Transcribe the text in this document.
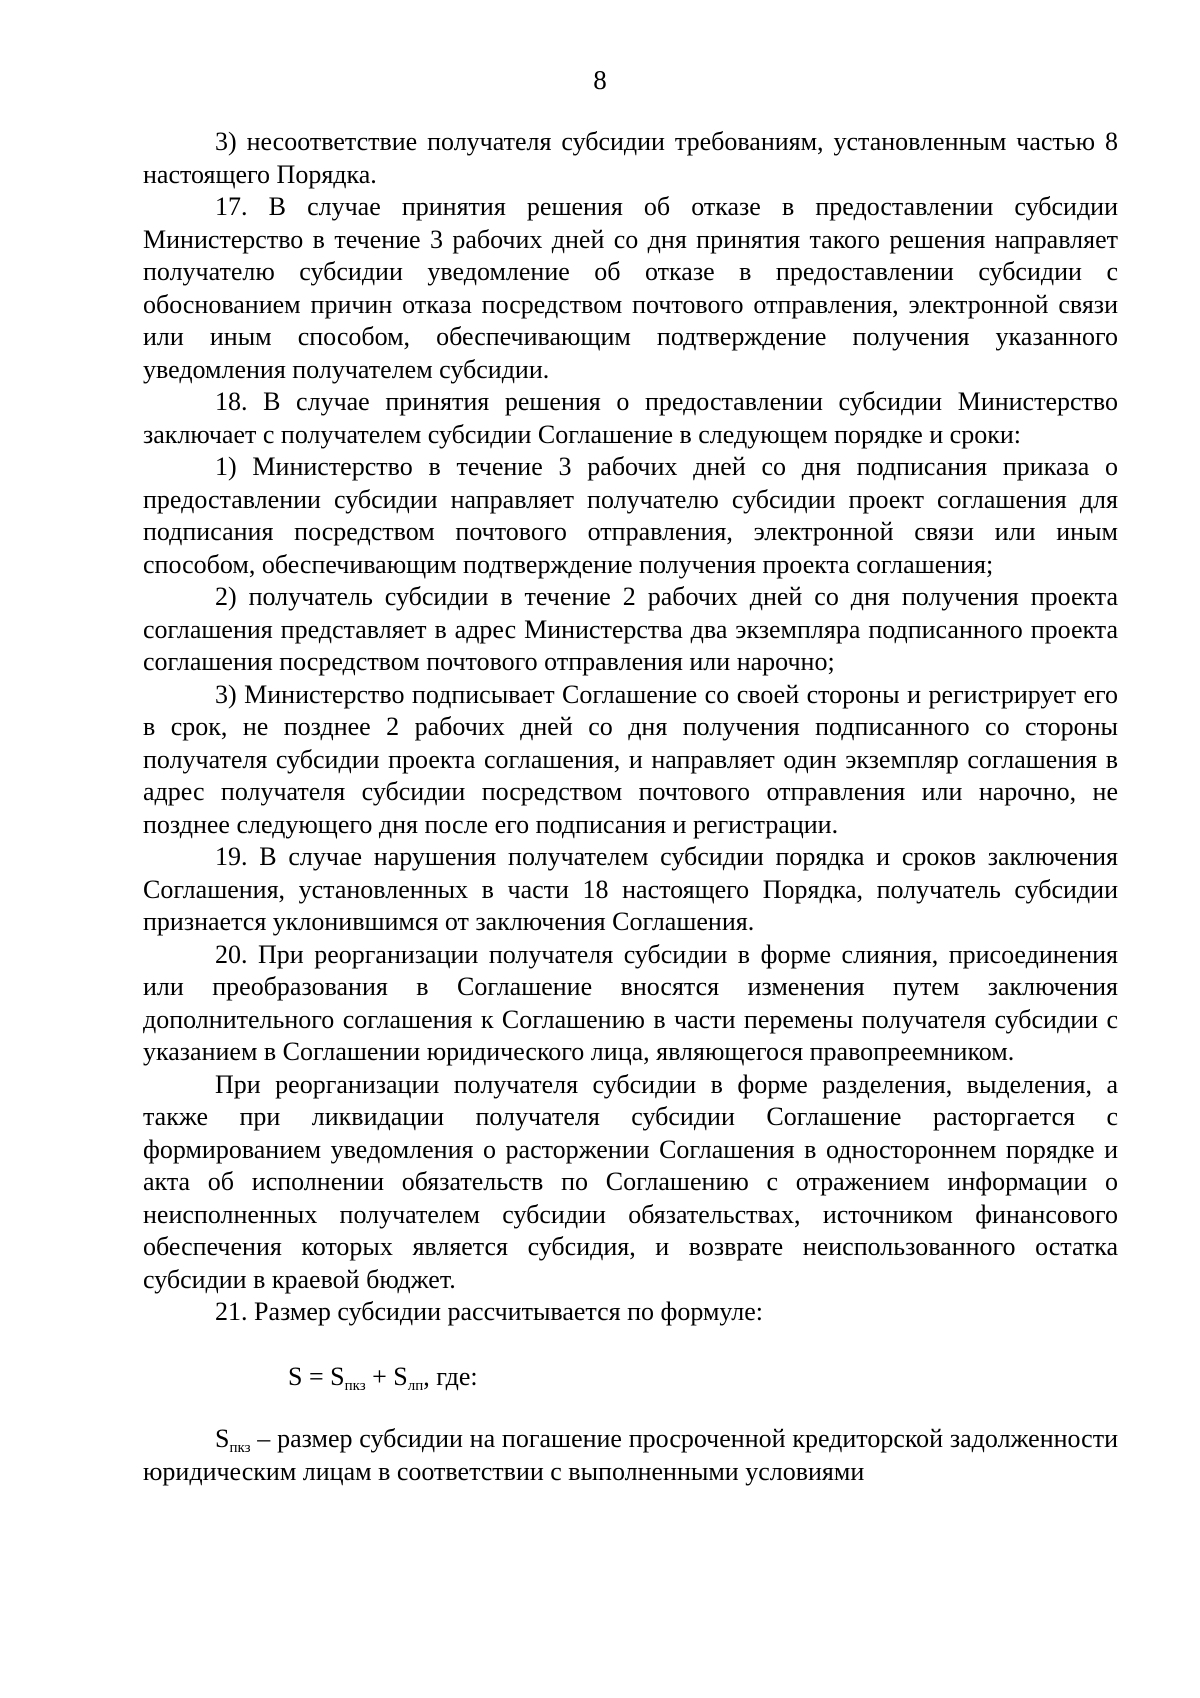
8

3) несоответствие получателя субсидии требованиям, установленным частью 8 настоящего Порядка.

17. В случае принятия решения об отказе в предоставлении субсидии Министерство в течение 3 рабочих дней со дня принятия такого решения направляет получателю субсидии уведомление об отказе в предоставлении субсидии с обоснованием причин отказа посредством почтового отправления, электронной связи или иным способом, обеспечивающим подтверждение получения указанного уведомления получателем субсидии.

18. В случае принятия решения о предоставлении субсидии Министерство заключает с получателем субсидии Соглашение в следующем порядке и сроки:

1) Министерство в течение 3 рабочих дней со дня подписания приказа о предоставлении субсидии направляет получателю субсидии проект соглашения для подписания посредством почтового отправления, электронной связи или иным способом, обеспечивающим подтверждение получения проекта соглашения;

2) получатель субсидии в течение 2 рабочих дней со дня получения проекта соглашения представляет в адрес Министерства два экземпляра подписанного проекта соглашения посредством почтового отправления или нарочно;

3) Министерство подписывает Соглашение со своей стороны и регистрирует его в срок, не позднее 2 рабочих дней со дня получения подписанного со стороны получателя субсидии проекта соглашения, и направляет один экземпляр соглашения в адрес получателя субсидии посредством почтового отправления или нарочно, не позднее следующего дня после его подписания и регистрации.

19. В случае нарушения получателем субсидии порядка и сроков заключения Соглашения, установленных в части 18 настоящего Порядка, получатель субсидии признается уклонившимся от заключения Соглашения.

20. При реорганизации получателя субсидии в форме слияния, присоединения или преобразования в Соглашение вносятся изменения путем заключения дополнительного соглашения к Соглашению в части перемены получателя субсидии с указанием в Соглашении юридического лица, являющегося правопреемником.

При реорганизации получателя субсидии в форме разделения, выделения, а также при ликвидации получателя субсидии Соглашение расторгается с формированием уведомления о расторжении Соглашения в одностороннем порядке и акта об исполнении обязательств по Соглашению с отражением информации о неисполненных получателем субсидии обязательствах, источником финансового обеспечения которых является субсидия, и возврате неиспользованного остатка субсидии в краевой бюджет.

21. Размер субсидии рассчитывается по формуле:

$S = S_{пкз} + S_{лп}$, где:

$S_{пкз}$ – размер субсидии на погашение просроченной кредиторской задолженности юридическим лицам в соответствии с выполненными условиями
